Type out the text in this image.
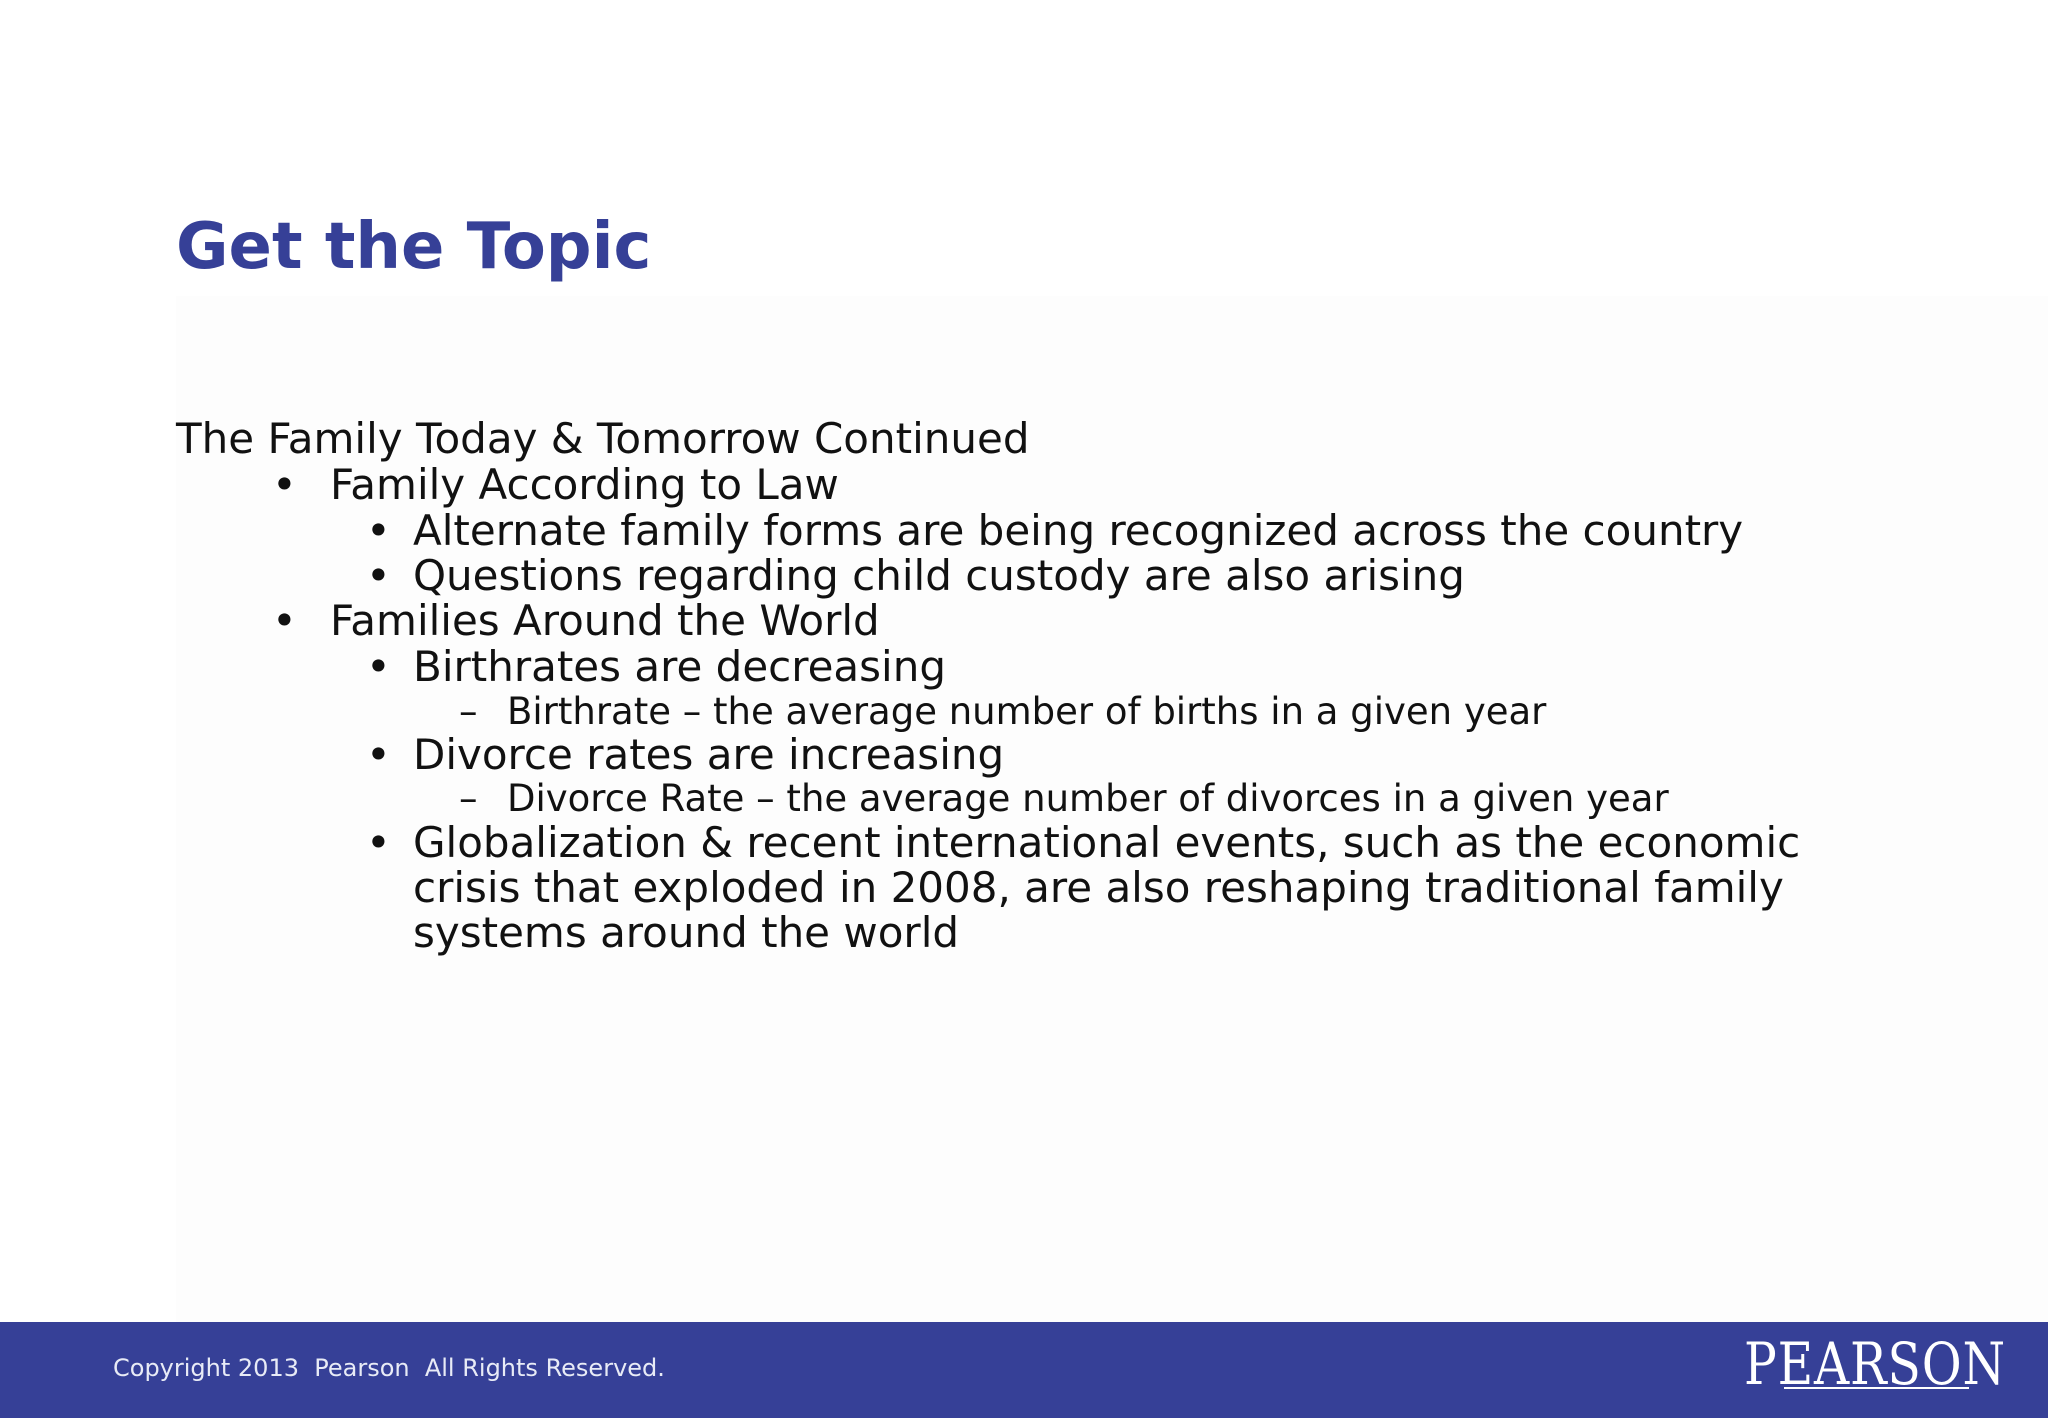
Get the Topic
The Family Today & Tomorrow Continued
• Family According to Law
• Alternate family forms are being recognized across the country
• Questions regarding child custody are also arising
• Families Around the World
• Birthrates are decreasing
– Birthrate – the average number of births in a given year
• Divorce rates are increasing
– Divorce Rate – the average number of divorces in a given year
• Globalization & recent international events, such as the economic
crisis that exploded in 2008, are also reshaping traditional family
systems around the world
Copyright 2013  Pearson  All Rights Reserved.	PEARSON
